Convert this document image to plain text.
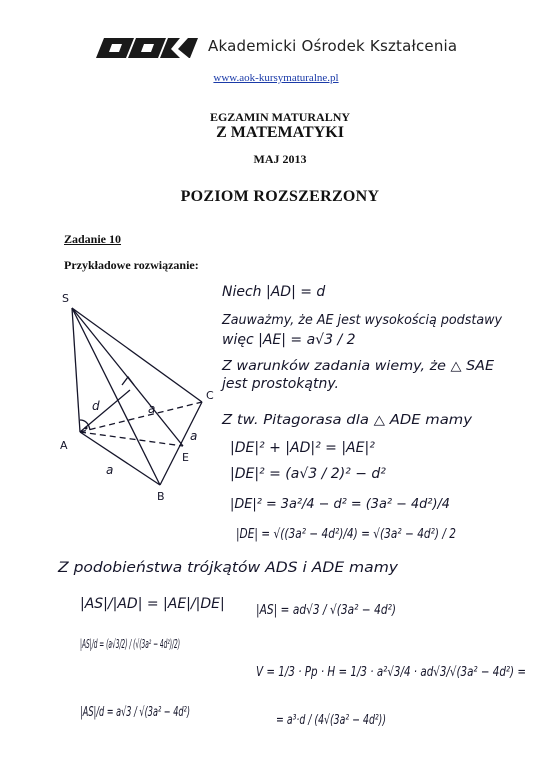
Akademicki Ośrodek Kształcenia
www.aok-kursymaturalne.pl
EGZAMIN MATURALNY
Z MATEMATYKI
MAJ 2013
POZIOM ROZSZERZONY
Zadanie 10
Przykładowe rozwiązanie:
S
A
B
C
E
d	a
a
a
Niech |AD| = d
Zauważmy, że AE jest wysokością podstawy
więc |AE| = a√3 / 2
Z warunków zadania wiemy, że △ SAE
jest prostokątny.
Z tw. Pitagorasa dla △ ADE mamy
|DE|² + |AD|² = |AE|²
|DE|² = (a√3 / 2)² − d²
|DE|² = 3a²/4 − d² = (3a² − 4d²)/4
|DE| = √((3a² − 4d²)/4) = √(3a² − 4d²) / 2
Z podobieństwa trójkątów ADS i ADE mamy
|AS|/|AD| = |AE|/|DE|
|AS|/d = (a√3/2) / (√(3a² − 4d²)/2)
|AS|/d = a√3 / √(3a² − 4d²)
|AS| = ad√3 / √(3a² − 4d²)
V = 1/3 · Pp · H = 1/3 · a²√3/4 · ad√3/√(3a² − 4d²) =
= a³·d / (4√(3a² − 4d²))
